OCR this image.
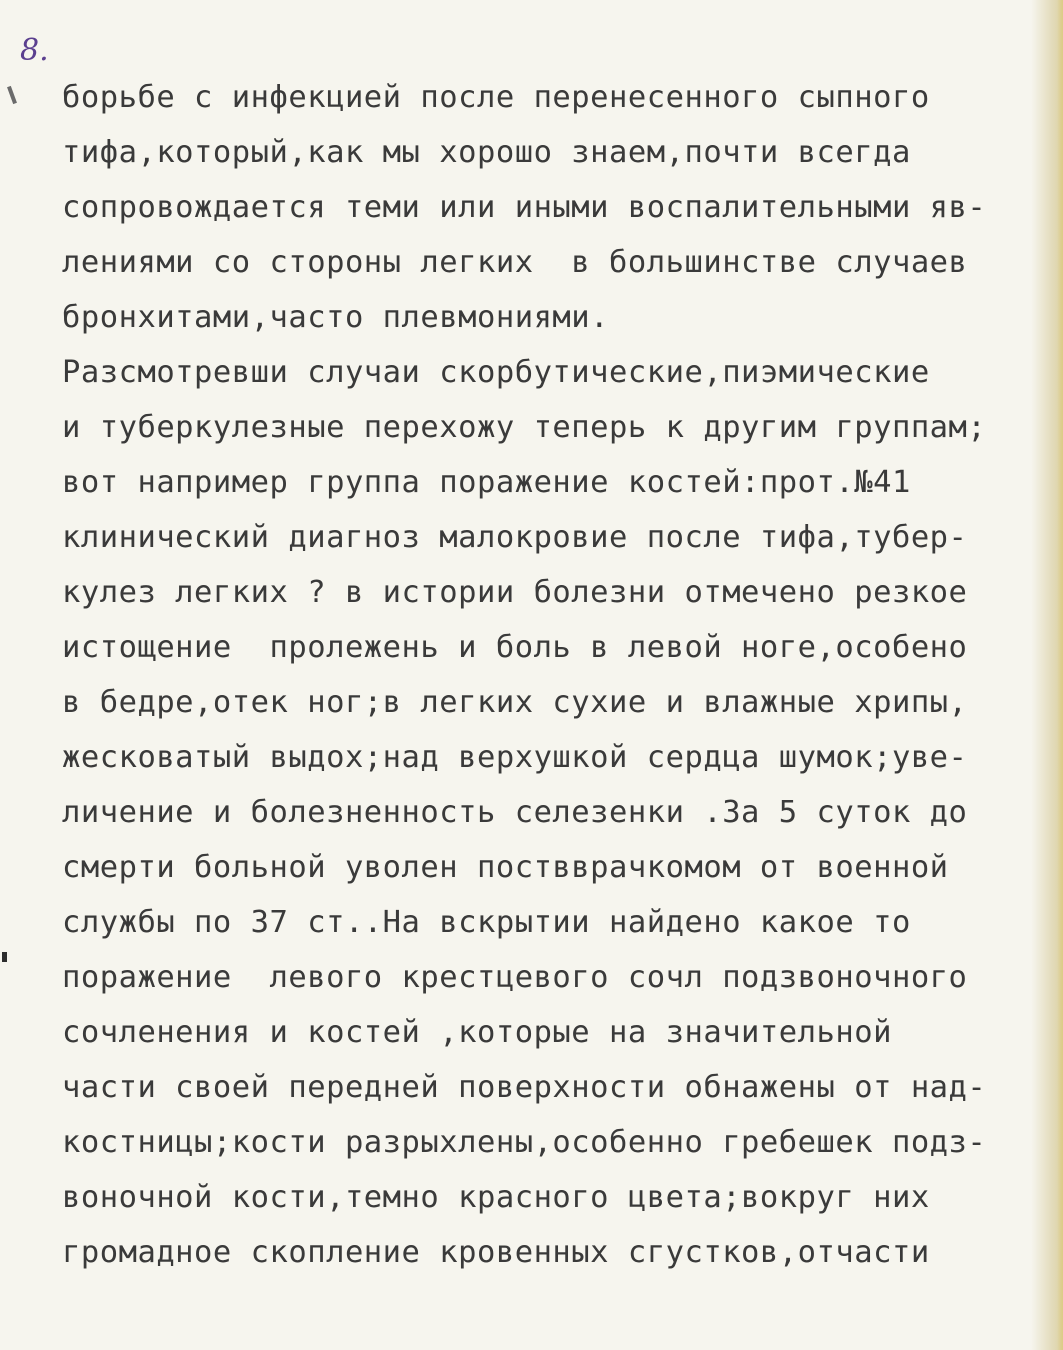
8.
борьбе с инфекцией после перенесенного сыпного
тифа,который,как мы хорошо знаем,почти всегда
сопровождается теми или иными воспалительными яв-
лениями со стороны легких  в большинстве случаев
бронхитами,часто плевмониями.
Разсмотревши случаи скорбутические,пиэмические
и туберкулезные перехожу теперь к другим группам;
вот например группа поражение костей:прот.№41
клинический диагноз малокровие после тифа,тубер-
кулез легких ? в истории болезни отмечено резкое
истощение  пролежень и боль в левой ноге,особено
в бедре,отек ног;в легких сухие и влажные хрипы,
жесковатый выдох;над верхушкой сердца шумок;уве-
личение и болезненность селезенки .За 5 суток до
смерти больной уволен поствврачкомом от военной
службы по 37 ст..На вскрытии найдено какое то
поражение  левого крестцевого сочл подзвоночного
сочленения и костей ,которые на значительной
части своей передней поверхности обнажены от над-
костницы;кости разрыхлены,особенно гребешек подз-
воночной кости,темно красного цвета;вокруг них
громадное скопление кровенных сгустков,отчасти
